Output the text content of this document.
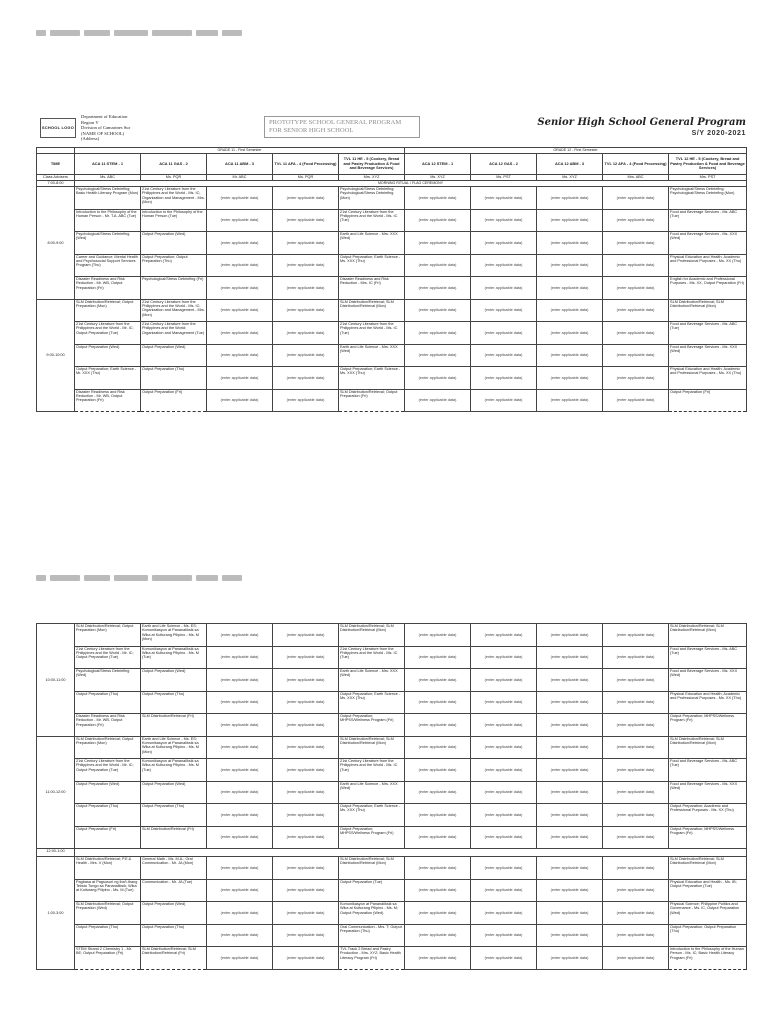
SCHOOL LOGO
Department of Education
Region V
Division of Camarines Sur
(NAME OF SCHOOL)
(Address)
PROTOTYPE SCHOOL GENERAL PROGRAM FOR SENIOR HIGH SCHOOL
Senior High School General Program
S/Y 2020-2021
	GRADE 11 - First Semester					GRADE 12 - First Semester				
TIME	ACA 11 STEM - 1	ACA 11 GAS - 2	ACA 11 ABM - 3	TVL 11 AFA - 4 (Food Processing)	TVL 11 HE - 5 (Cookery, Bread and Pastry Production & Food and Beverage Services)	ACA 12 STEM - 1	ACA 12 GAS - 2	ACA 12 ABM - 3	TVL 12 AFA - 4 (Food Processing)	TVL 12 HE - 5 (Cookery, Bread and Pastry Production & Food and Beverage Services)
Class Advisers	Ms. ABC	Ms. PQR	Mr. ABC	Ms. PQR	Mrs. XYZ	Ms. XYZ	Ms. PST	Ms. XYZ	Mrs. ABC	Mrs. PST
7:00-8:00	MORNING RITUAL / FLAG CEREMONY									
8:00-9:00	Psychological/Stress Debriefing; Basic Health Literacy Program (Mon)	21st Century Literature from the Philippines and the World - Ms. IC; Organization and Management - Mrs. (Mon)	(enter applicable data)	(enter applicable data)	Psychological/Stress Debriefing; Psychological/Stress Debriefing (Mon)	(enter applicable data)	(enter applicable data)	(enter applicable data)	(enter applicable data)	Psychological/Stress Debriefing; Psychological/Stress Debriefing (Mon)
	Introduction to the Philosophy of the Human Person - Mr. T.A. ABC (Tue)	Introduction to the Philosophy of the Human Person (Tue)	(enter applicable data)	(enter applicable data)	21st Century Literature from the Philippines and the World - Ms. IC (Tue)	(enter applicable data)	(enter applicable data)	(enter applicable data)	(enter applicable data)	Food and Beverage Services - Ms. ABC (Tue)
	Psychological/Stress Debriefing (Wed)	Output Preparation (Wed)	(enter applicable data)	(enter applicable data)	Earth and Life Science - Mrs. XXX (Wed)	(enter applicable data)	(enter applicable data)	(enter applicable data)	(enter applicable data)	Food and Beverage Services - Ms. XXX (Wed)
	Career and Guidance; Mental Health and Psychosocial Support Services Program (Thu)	Output Preparation; Output Preparation (Thu)	(enter applicable data)	(enter applicable data)	Output Preparation; Earth Science - Ms. XXX (Thu)	(enter applicable data)	(enter applicable data)	(enter applicable data)	(enter applicable data)	Physical Education and Health; Academic and Professional Purposes - Ms. XX (Thu)
	Disaster Readiness and Risk Reduction - Mr. WB, Output Preparation (Fri)	Psychological/Stress Debriefing (Fri)	(enter applicable data)	(enter applicable data)	Disaster Readiness and Risk Reduction - Mrs. IC (Fri)	(enter applicable data)	(enter applicable data)	(enter applicable data)	(enter applicable data)	English for Academic and Professional Purposes - Ms. XX, Output Preparation (Fri)
9:00-10:00	SLM Distribution/Retrieval; Output Preparation (Mon)	21st Century Literature from the Philippines and the World - Ms. IC; Organization and Management - Mrs. (Mon)	(enter applicable data)	(enter applicable data)	SLM Distribution/Retrieval; SLM Distribution/Retrieval (Mon)	(enter applicable data)	(enter applicable data)	(enter applicable data)	(enter applicable data)	SLM Distribution/Retrieval; SLM Distribution/Retrieval (Mon)
	21st Century Literature from the Philippines and the World - Mr. IC; Output Preparation (Tue)	21st Century Literature from the Philippines and the World; Organization and Management (Tue)	(enter applicable data)	(enter applicable data)	21st Century Literature from the Philippines and the World - Ms. IC (Tue)	(enter applicable data)	(enter applicable data)	(enter applicable data)	(enter applicable data)	Food and Beverage Services - Ms. ABC (Tue)
	Output Preparation (Wed)	Output Preparation (Wed)	(enter applicable data)	(enter applicable data)	Earth and Life Science - Mrs. XXX (Wed)	(enter applicable data)	(enter applicable data)	(enter applicable data)	(enter applicable data)	Food and Beverage Services - Ms. XXX (Wed)
	Output Preparation; Earth Science - Mr. XXX (Thu)	Output Preparation (Thu)	(enter applicable data)	(enter applicable data)	Output Preparation; Earth Science - Ms. XXX (Thu)	(enter applicable data)	(enter applicable data)	(enter applicable data)	(enter applicable data)	Physical Education and Health; Academic and Professional Purposes - Ms. XX (Thu)
	Disaster Readiness and Risk Reduction - Mr. WB, Output Preparation (Fri)	Output Preparation (Fri)	(enter applicable data)	(enter applicable data)	SLM Distribution/Retrieval; Output Preparation (Fri)	(enter applicable data)	(enter applicable data)	(enter applicable data)	(enter applicable data)	Output Preparation (Fri)
10:00-11:00	SLM Distribution/Retrieval; Output Preparation (Mon)	Earth and Life Science - Ms. ES; Komunikasyon at Pananaliksik sa Wika at Kulturang Pilipino - Ms. M (Mon)	(enter applicable data)	(enter applicable data)	SLM Distribution/Retrieval; SLM Distribution/Retrieval (Mon)	(enter applicable data)	(enter applicable data)	(enter applicable data)	(enter applicable data)	SLM Distribution/Retrieval; SLM Distribution/Retrieval (Mon)
	21st Century Literature from the Philippines and the World - Mr. IC; Output Preparation (Tue)	Komunikasyon at Pananaliksik sa Wika at Kulturang Pilipino - Ms. M (Tue)	(enter applicable data)	(enter applicable data)	21st Century Literature from the Philippines and the World - Ms. IC (Tue)	(enter applicable data)	(enter applicable data)	(enter applicable data)	(enter applicable data)	Food and Beverage Services - Ms. ABC (Tue)
	Psychological/Stress Debriefing (Wed)	Output Preparation (Wed)	(enter applicable data)	(enter applicable data)	Earth and Life Science - Mrs. XXX (Wed)	(enter applicable data)	(enter applicable data)	(enter applicable data)	(enter applicable data)	Food and Beverage Services - Ms. XXX (Wed)
	Output Preparation (Thu)	Output Preparation (Thu)	(enter applicable data)	(enter applicable data)	Output Preparation; Earth Science - Ms. XXX (Thu)	(enter applicable data)	(enter applicable data)	(enter applicable data)	(enter applicable data)	Physical Education and Health; Academic and Professional Purposes - Ms. XX (Thu)
	Disaster Readiness and Risk Reduction - Mr. WB, Output Preparation (Fri)	SLM Distribution/Retrieval (Fri)	(enter applicable data)	(enter applicable data)	Output Preparation; MHPSS/Wellness Program (Fri)	(enter applicable data)	(enter applicable data)	(enter applicable data)	(enter applicable data)	Output Preparation; MHPSS/Wellness Program (Fri)
11:00-12:00	SLM Distribution/Retrieval; Output Preparation (Mon)	Earth and Life Science - Ms. ES; Komunikasyon at Pananaliksik sa Wika at Kulturang Pilipino - Ms. M (Mon)	(enter applicable data)	(enter applicable data)	SLM Distribution/Retrieval; SLM Distribution/Retrieval (Mon)	(enter applicable data)	(enter applicable data)	(enter applicable data)	(enter applicable data)	SLM Distribution/Retrieval; SLM Distribution/Retrieval (Mon)
	21st Century Literature from the Philippines and the World - Mr. IC; Output Preparation (Tue)	Komunikasyon at Pananaliksik sa Wika at Kulturang Pilipino - Ms. M (Tue)	(enter applicable data)	(enter applicable data)	21st Century Literature from the Philippines and the World - Ms. IC (Tue)	(enter applicable data)	(enter applicable data)	(enter applicable data)	(enter applicable data)	Food and Beverage Services - Ms. ABC (Tue)
	Output Preparation (Wed)	Output Preparation (Wed)	(enter applicable data)	(enter applicable data)	Earth and Life Science - Mrs. XXX (Wed)	(enter applicable data)	(enter applicable data)	(enter applicable data)	(enter applicable data)	Food and Beverage Services - Ms. XXX (Wed)
	Output Preparation (Thu)	Output Preparation (Thu)	(enter applicable data)	(enter applicable data)	Output Preparation; Earth Science - Ms. XXX (Thu)	(enter applicable data)	(enter applicable data)	(enter applicable data)	(enter applicable data)	Output Preparation; Academic and Professional Purposes - Ms. XX (Thu)
	Output Preparation (Fri)	SLM Distribution/Retrieval (Fri)	(enter applicable data)	(enter applicable data)	Output Preparation; MHPSS/Wellness Program (Fri)	(enter applicable data)	(enter applicable data)	(enter applicable data)	(enter applicable data)	Output Preparation; MHPSS/Wellness Program (Fri)
12:00-1:00										
1:00-3:00	SLM Distribution/Retrieval; P.E.& Health - Mrs. V (Mon)	General Math - Ms. M.A.; Oral Communication - Mr. JA (Mon)	(enter applicable data)	(enter applicable data)	SLM Distribution/Retrieval; SLM Distribution/Retrieval (Mon)	(enter applicable data)	(enter applicable data)	(enter applicable data)	(enter applicable data)	SLM Distribution/Retrieval; SLM Distribution/Retrieval (Mon)
	Pagbasa at Pagsusuri ng Iba't-Ibang Teksto Tungo sa Pananaliksik; Wika at Kulturang Pilipino - Ms. M (Tue)	Communication - Mr. JA (Tue)	(enter applicable data)	(enter applicable data)	Output Preparation (Tue)	(enter applicable data)	(enter applicable data)	(enter applicable data)	(enter applicable data)	Physical Education and Health - Ms. IB; Output Preparation (Tue)
	SLM Distribution/Retrieval; Output Preparation (Wed)	Output Preparation (Wed)	(enter applicable data)	(enter applicable data)	Komunikasyon at Pananaliksik sa Wika at Kulturang Pilipino - Ms. M; Output Preparation (Wed)	(enter applicable data)	(enter applicable data)	(enter applicable data)	(enter applicable data)	Physical Science; Philippine Politics and Governance - Ms. IC, Output Preparation (Wed)
	Output Preparation (Thu)	Output Preparation (Thu)	(enter applicable data)	(enter applicable data)	Oral Communication - Mrs. T; Output Preparation (Thu)	(enter applicable data)	(enter applicable data)	(enter applicable data)	(enter applicable data)	Output Preparation; Output Preparation (Thu)
	STEM Strand 2 Chemistry 1 - Mr. BE; Output Preparation (Fri)	SLM Distribution/Retrieval; SLM Distribution/Retrieval (Fri)	(enter applicable data)	(enter applicable data)	TVL Track 2 Bread and Pastry Production - Mrs. XYZ; Basic Health Literacy Program (Fri)	(enter applicable data)	(enter applicable data)	(enter applicable data)	(enter applicable data)	Introduction to the Philosophy of the Human Person - Ms. IC; Basic Health Literacy Program (Fri)
